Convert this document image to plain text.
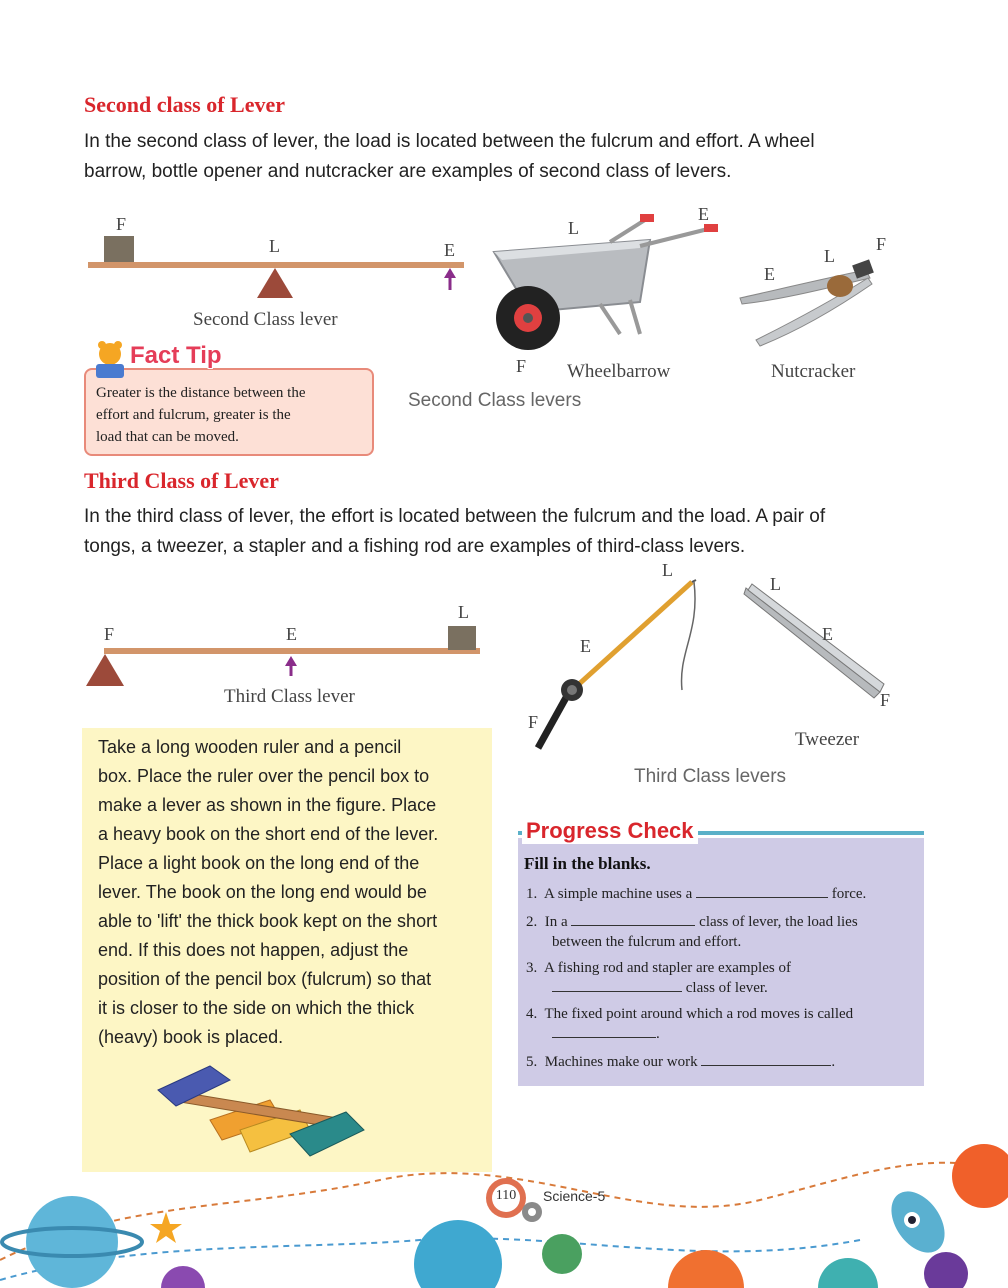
Second class of Lever
In the second class of lever, the load is located between the fulcrum and effort. A wheel
barrow, bottle opener and nutcracker are examples of second class of levers.
F
L	E
Second Class lever
L
E
F Wheelbarrow
L
E
F
Nutcracker
Second Class levers
Fact Tip
Greater is the distance between the
effort and fulcrum, greater is the
load that can be moved.
Third Class of Lever
In the third class of lever, the effort is located between the fulcrum and the load. A pair of
tongs, a tweezer, a stapler and a fishing rod are examples of third-class levers.
F	E
L
Third Class lever
L
E
F
L
E
F
Tweezer
Third Class levers
Take a long wooden ruler and a pencil
box. Place the ruler over the pencil box to
make a lever as shown in the figure. Place
a heavy book on the short end of the lever.
Place a light book on the long end of the
lever. The book on the long end would be
able to 'lift' the thick book kept on the short
end. If this does not happen, adjust the
position of the pencil box (fulcrum) so that
it is closer to the side on which the thick
(heavy) book is placed.
Progress Check
Fill in the blanks.
1. A simple machine uses a	force.
2. In a	class of lever, the load lies
between the fulcrum and effort.
3. A fishing rod and stapler are examples of
class of lever.
4. The fixed point around which a rod moves is called
.
5. Machines make our work	.
110 Science-5
